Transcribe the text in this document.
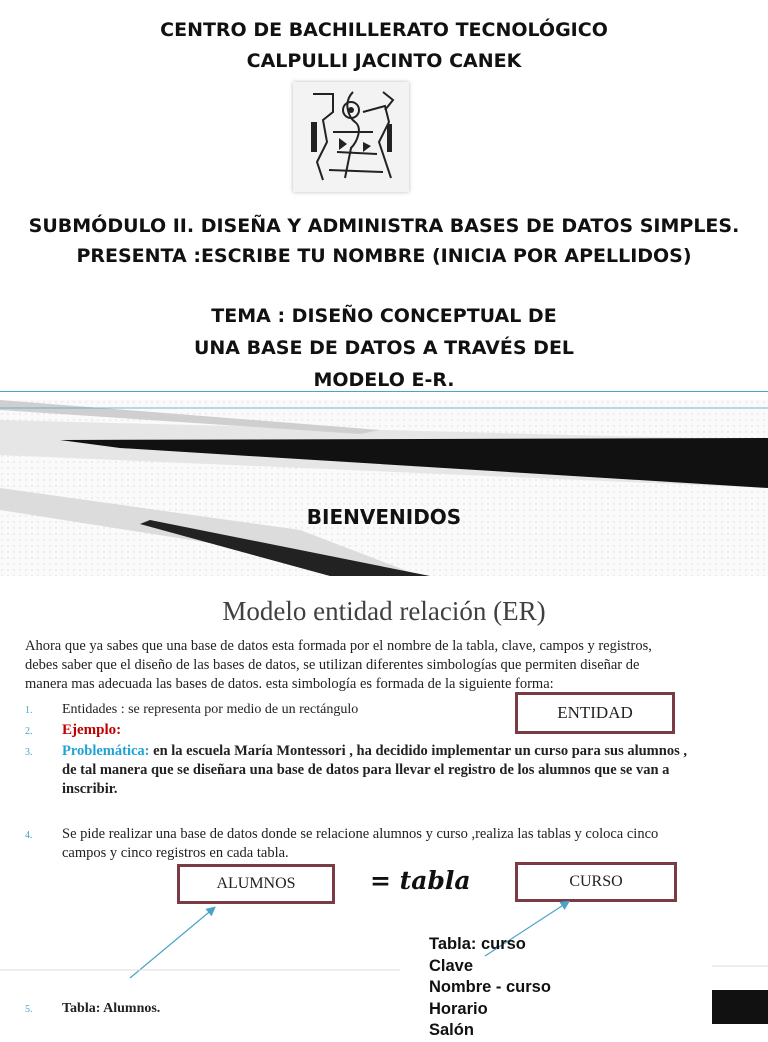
CENTRO DE BACHILLERATO TECNOLÓGICO
CALPULLI JACINTO CANEK
SUBMÓDULO II. DISEÑA Y ADMINISTRA BASES DE DATOS SIMPLES.
PRESENTA :ESCRIBE TU NOMBRE (INICIA POR APELLIDOS)
TEMA : DISEÑO CONCEPTUAL DE
UNA BASE DE DATOS A TRAVÉS DEL
MODELO E-R.
BIENVENIDOS
Modelo entidad relación (ER)
Ahora que ya sabes que una base de datos esta formada por el nombre de la tabla, clave, campos y registros,
debes saber que el diseño de las bases de datos, se utilizan diferentes simbologías que permiten diseñar de
manera mas adecuada las bases de datos. esta simbología es formada de la siguiente forma:
1. Entidades : se representa por medio de un rectángulo	ENTIDAD
2. Ejemplo:
3. Problemática: en la escuela María Montessori , ha decidido implementar un curso para sus alumnos ,
de tal manera que se diseñara una base de datos para llevar el registro de los alumnos que se van a
inscribir.
4. Se pide realizar una base de datos donde se relacione alumnos y curso ,realiza las tablas y coloca cinco
campos y cinco registros en cada tabla.
ALUMNOS	= tabla	CURSO
Tabla: curso
Clave
Nombre - curso
Horario
Salón
5. Tabla: Alumnos.
